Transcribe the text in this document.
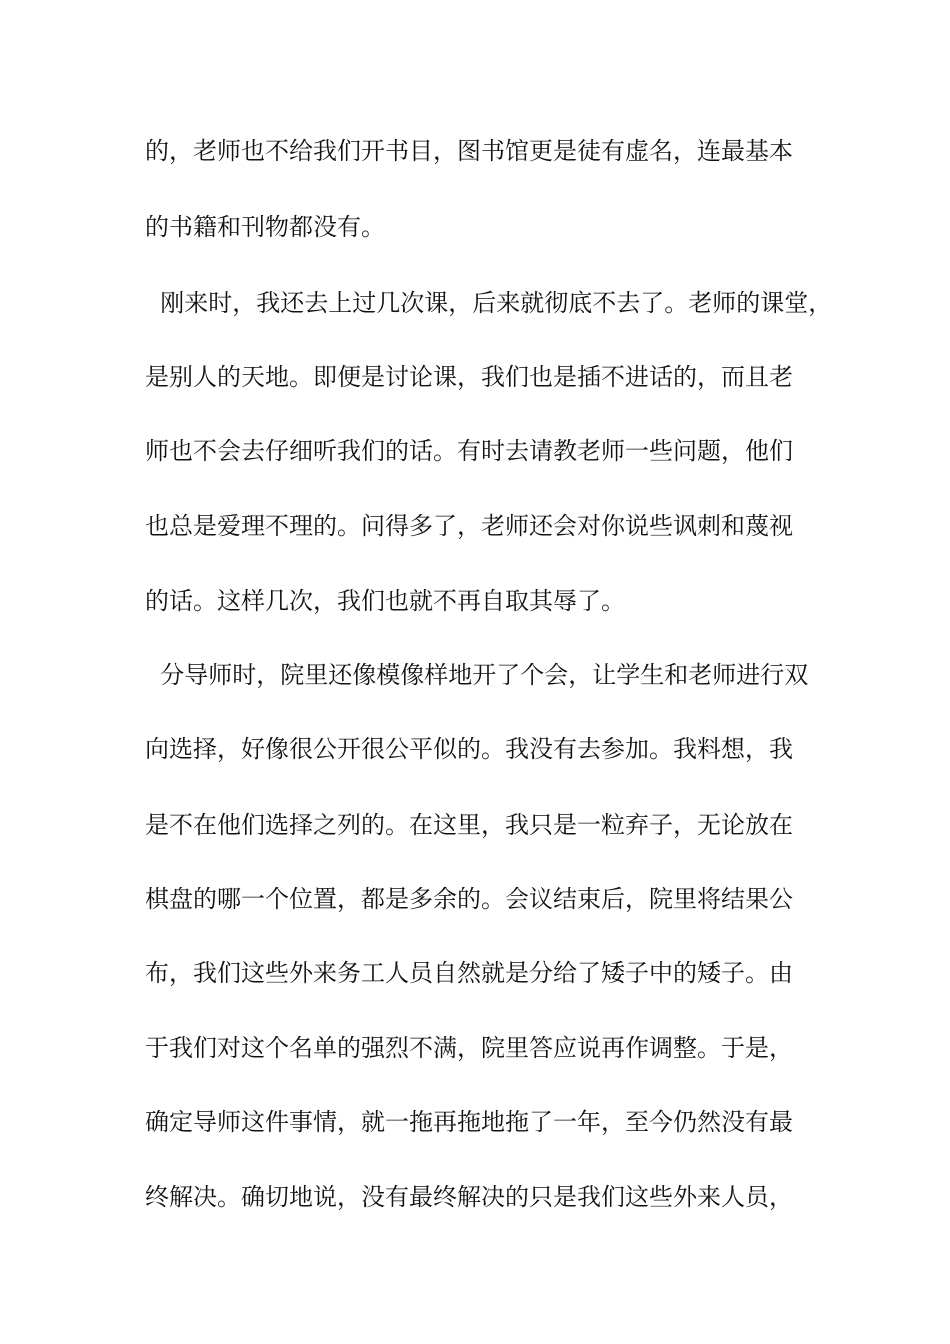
的，老师也不给我们开书目，图书馆更是徒有虚名，连最基本

的书籍和刊物都没有。

刚来时，我还去上过几次课，后来就彻底不去了。老师的课堂，

是别人的天地。即便是讨论课，我们也是插不进话的，而且老

师也不会去仔细听我们的话。有时去请教老师一些问题，他们

也总是爱理不理的。问得多了，老师还会对你说些讽刺和蔑视

的话。这样几次，我们也就不再自取其辱了。

分导师时，院里还像模像样地开了个会，让学生和老师进行双

向选择，好像很公开很公平似的。我没有去参加。我料想，我

是不在他们选择之列的。在这里，我只是一粒弃子，无论放在

棋盘的哪一个位置，都是多余的。会议结束后，院里将结果公

布，我们这些外来务工人员自然就是分给了矮子中的矮子。由

于我们对这个名单的强烈不满，院里答应说再作调整。于是，

确定导师这件事情，就一拖再拖地拖了一年，至今仍然没有最

终解决。确切地说，没有最终解决的只是我们这些外来人员，
